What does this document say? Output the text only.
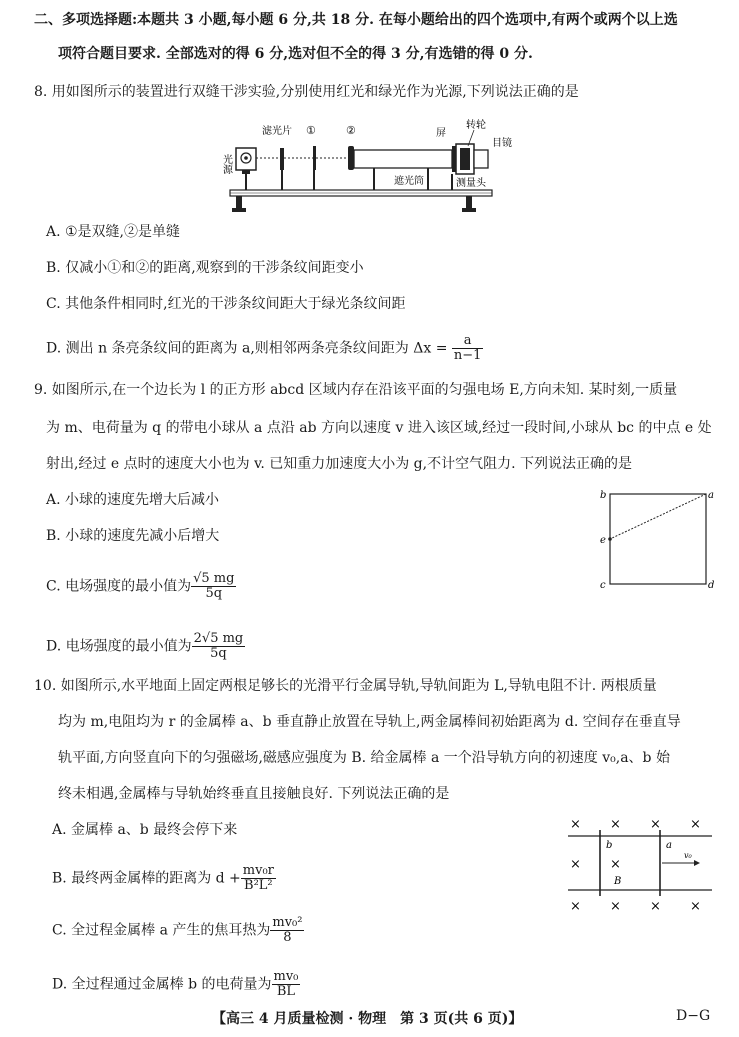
二、多项选择题:本题共 3 小题,每小题 6 分,共 18 分. 在每小题给出的四个选项中,有两个或两个以上选
项符合题目要求. 全部选对的得 6 分,选对但不全的得 3 分,有选错的得 0 分.
8. 用如图所示的装置进行双缝干涉实验,分别使用红光和绿光作为光源,下列说法正确的是
光源
滤光片 ①	②
遮光筒
屏
转轮
目镜
测量头
A. ①是双缝,②是单缝
B. 仅减小①和②的距离,观察到的干涉条纹间距变小
C. 其他条件相同时,红光的干涉条纹间距大于绿光条纹间距
D. 测出 n 条亮条纹间的距离为 a,则相邻两条亮条纹间距为 $\Delta x = \frac{a}{n-1}$
9. 如图所示,在一个边长为 l 的正方形 abcd 区域内存在沿该平面的匀强电场 E,方向未知. 某时刻,一质量
为 m、电荷量为 q 的带电小球从 a 点沿 ab 方向以速度 v 进入该区域,经过一段时间,小球从 bc 的中点 e 处
射出,经过 e 点时的速度大小也为 v. 已知重力加速度大小为 g,不计空气阻力. 下列说法正确的是
A. 小球的速度先增大后减小
B. 小球的速度先减小后增大
C. 电场强度的最小值为 $\frac{√5 mg}{5q}$
D. 电场强度的最小值为 $\frac{2√5 mg}{5q}$
b	a
e
c	d
10. 如图所示,水平地面上固定两根足够长的光滑平行金属导轨,导轨间距为 L,导轨电阻不计. 两根质量
均为 m,电阻均为 r 的金属棒 a、b 垂直静止放置在导轨上,两金属棒间初始距离为 d. 空间存在垂直导
轨平面,方向竖直向下的匀强磁场,磁感应强度为 B. 给金属棒 a 一个沿导轨方向的初速度 v₀,a、b 始
终未相遇,金属棒与导轨始终垂直且接触良好. 下列说法正确的是
A. 金属棒 a、b 最终会停下来
B. 最终两金属棒的距离为 $d + \frac{\text{mv₀r}}{\text{B²L²}}$
C. 全过程金属棒 a 产生的焦耳热为 $\frac{\text{mv₀²}}{8}$
D. 全过程通过金属棒 b 的电荷量为 $\frac{\text{mv₀}}{BL}$
b	a
v₀
B
× × × ×
× ×
× × × ×
【高三 4 月质量检测 · 物理　第 3 页(共 6 页)】	D−G
